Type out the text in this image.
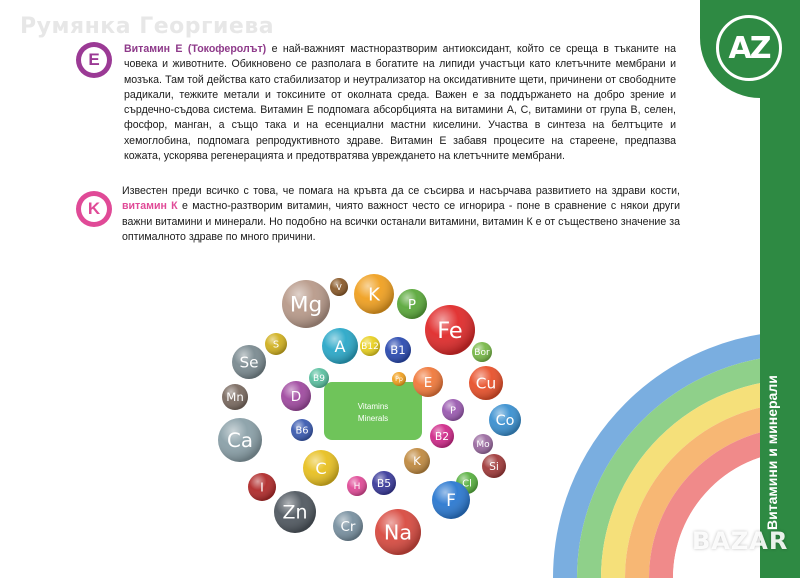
Румянка Георгиева
Витамини и минерали
AZ
E

Витамин Е (Токоферолът) е най-важният мастноразтворим антиоксидант, който се среща в тъканите на човека и животните. Обикновено се разполага в богатите на липиди участъци като клетъчните мембрани и мозъка. Там той действа като стабилизатор и неутрализатор на оксидативните щети, причинени от свободните радикали, тежките метали и токсините от околната среда. Важен е за поддържането на добро зрение и сърдечно-съдова система. Витамин Е подпомага абсорбцията на витамини А, С, витамини от група В, селен, фосфор, манган, а също така и на есенциални мастни киселини. Участва в синтеза на белтъците и хемоглобина, подпомага репродуктивното здраве. Витамин Е забавя процесите на стареене, предпазва кожата, ускорява регенерацията и предотвратява увреждането на клетъчните мембрани.

K

Известен преди всичко с това, че помага на кръвта да се съсирва и насърчава развитието на здрави кости, витамин К е мастно-разтворим витамин, чиято важност често се игнорира - поне в сравнение с някои други важни витамини и минерали. Но подобно на всички останали витамини, витамин К е от съществено значение за оптималното здраве по много причини.

Vitamins
Minerals
Mg
V K P
Fe
Se
S	A B12 B1	Bor
Mn	D
B9	Pp E	Cu
Ca	B6
P
Co
B2
Mo
C
I
K	Si
H B5	Cl
Zn
Cr Na
F
BAZAR
